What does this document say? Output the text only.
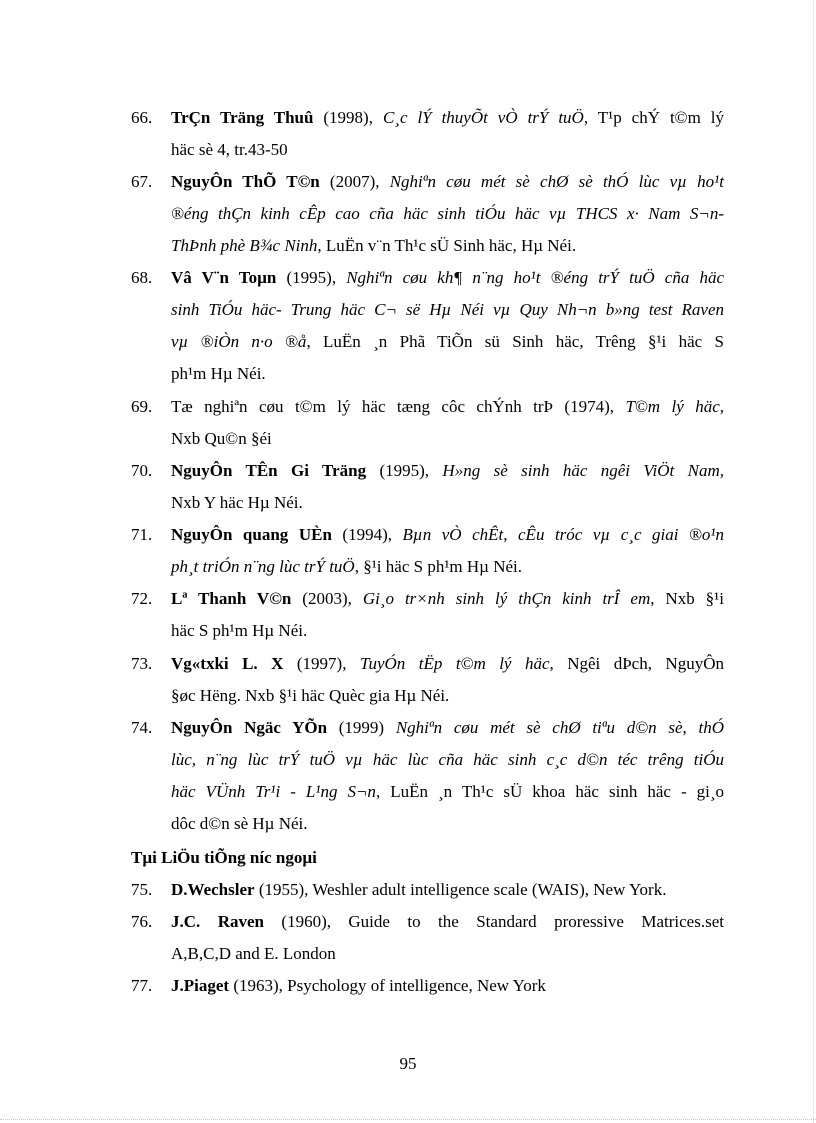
66. TrÇn Träng Thuû (1998), C¸c lÝ thuyÕt vÒ trÝ tuÖ, T¹p chÝ t©m lý
häc sè 4, tr.43-50
67. NguyÔn ThÕ T©n (2007), Nghiªn cøu mét sè chØ sè thÓ lùc vµ ho¹t
®éng thÇn kinh cÊp cao cña häc sinh tiÓu häc vµ THCS x· Nam S¬n-
ThÞnh phè B¾c Ninh, LuËn v¨n Th¹c sÜ Sinh häc, Hµ Néi.
68. Vâ V¨n Toµn (1995), Nghiªn cøu kh¶ n¨ng ho¹t ®éng trÝ tuÖ cña häc
sinh TiÓu häc- Trung häc C¬ së Hµ Néi vµ Quy Nh¬n b»ng test Raven
vµ ®iÒn n·o ®å, LuËn ¸n Phã TiÕn sü Sinh häc, Trêng §¹i häc S
ph¹m Hµ Néi.
69. Tæ nghiªn cøu t©m lý häc tæng côc chÝnh trÞ (1974), T©m lý häc,
Nxb Qu©n §éi
70. NguyÔn TÊn Gi Träng (1995), H»ng sè sinh häc ngêi ViÖt Nam,
Nxb Y häc Hµ Néi.
71. NguyÔn quang UÈn (1994), Bµn vÒ chÊt, cÊu tróc vµ c¸c giai ®o¹n
ph¸t triÓn n¨ng lùc trÝ tuÖ, §¹i häc S ph¹m Hµ Néi.
72. Lª Thanh V©n (2003), Gi¸o tr×nh sinh lý thÇn kinh trÎ em, Nxb §¹i
häc S ph¹m Hµ Néi.
73. Vg«txki L. X (1997), TuyÓn tËp t©m lý häc, Ngêi dÞch, NguyÔn
§øc Hëng. Nxb §¹i häc Quèc gia Hµ Néi.
74. NguyÔn Ngäc YÕn (1999) Nghiªn cøu mét sè chØ tiªu d©n sè, thÓ
lùc, n¨ng lùc trÝ tuÖ vµ häc lùc cña häc sinh c¸c d©n téc trêng tiÓu
häc VÜnh Tr¹i - L¹ng S¬n, LuËn ¸n Th¹c sÜ khoa häc sinh häc - gi¸o
dôc d©n sè Hµ Néi.
75. D.Wechsler (1955), Weshler adult intelligence scale (WAIS), New York.
76. J.C. Raven (1960), Guide to the Standard proressive Matrices.set
A,B,C,D and E. London
77. J.Piaget (1963), Psychology of intelligence, New York
Tµi LiÖu tiÕng níc ngoµi
95
